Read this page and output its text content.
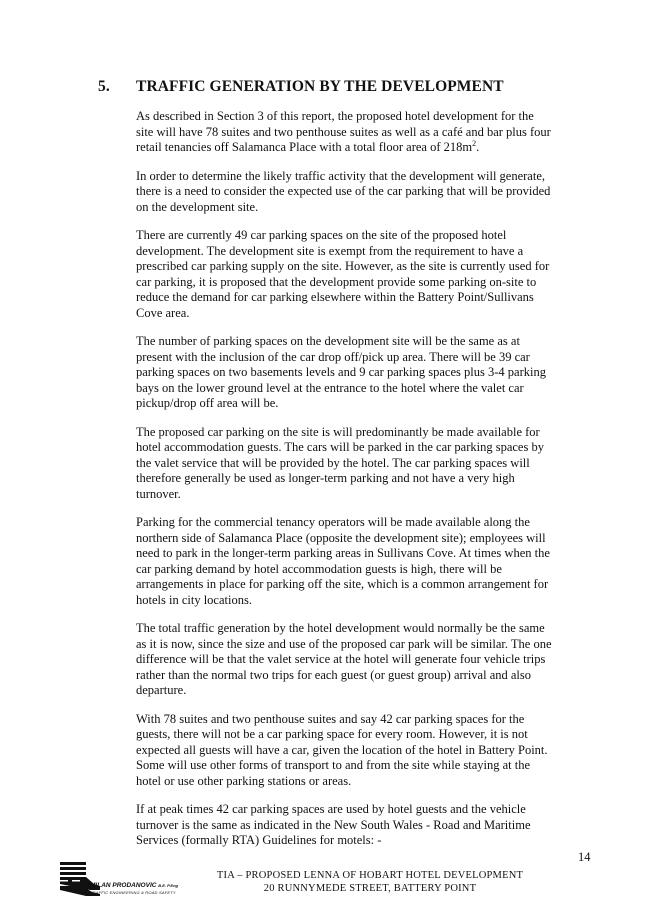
5. TRAFFIC GENERATION BY THE DEVELOPMENT

As described in Section 3 of this report, the proposed hotel development for the site will have 78 suites and two penthouse suites as well as a café and bar plus four retail tenancies off Salamanca Place with a total floor area of $218m^2$.

In order to determine the likely traffic activity that the development will generate, there is a need to consider the expected use of the car parking that will be provided on the development site.

There are currently 49 car parking spaces on the site of the proposed hotel development. The development site is exempt from the requirement to have a prescribed car parking supply on the site. However, as the site is currently used for car parking, it is proposed that the development provide some parking on-site to reduce the demand for car parking elsewhere within the Battery Point/Sullivans Cove area.

The number of parking spaces on the development site will be the same as at present with the inclusion of the car drop off/pick up area. There will be 39 car parking spaces on two basements levels and 9 car parking spaces plus 3-4 parking bays on the lower ground level at the entrance to the hotel where the valet car pickup/drop off area will be.

The proposed car parking on the site is will predominantly be made available for hotel accommodation guests. The cars will be parked in the car parking spaces by the valet service that will be provided by the hotel. The car parking spaces will therefore generally be used as longer-term parking and not have a very high turnover.

Parking for the commercial tenancy operators will be made available along the northern side of Salamanca Place (opposite the development site); employees will need to park in the longer-term parking areas in Sullivans Cove. At times when the car parking demand by hotel accommodation guests is high, there will be arrangements in place for parking off the site, which is a common arrangement for hotels in city locations.

The total traffic generation by the hotel development would normally be the same as it is now, since the size and use of the proposed car park will be similar. The one difference will be that the valet service at the hotel will generate four vehicle trips rather than the normal two trips for each guest (or guest group) arrival and also departure.

With 78 suites and two penthouse suites and say 42 car parking spaces for the guests, there will not be a car parking space for every room. However, it is not expected all guests will have a car, given the location of the hotel in Battery Point. Some will use other forms of transport to and from the site while staying at the hotel or use other parking stations or areas.

If at peak times 42 car parking spaces are used by hotel guests and the vehicle turnover is the same as indicated in the New South Wales - Road and Maritime Services (formally RTA) Guidelines for motels: -

14
MILAN PRODANOVIC B.E. P.Eng
TRAFFIC ENGINEERING & ROAD SAFETY
TIA – PROPOSED LENNA OF HOBART HOTEL DEVELOPMENT
20 RUNNYMEDE STREET, BATTERY POINT
